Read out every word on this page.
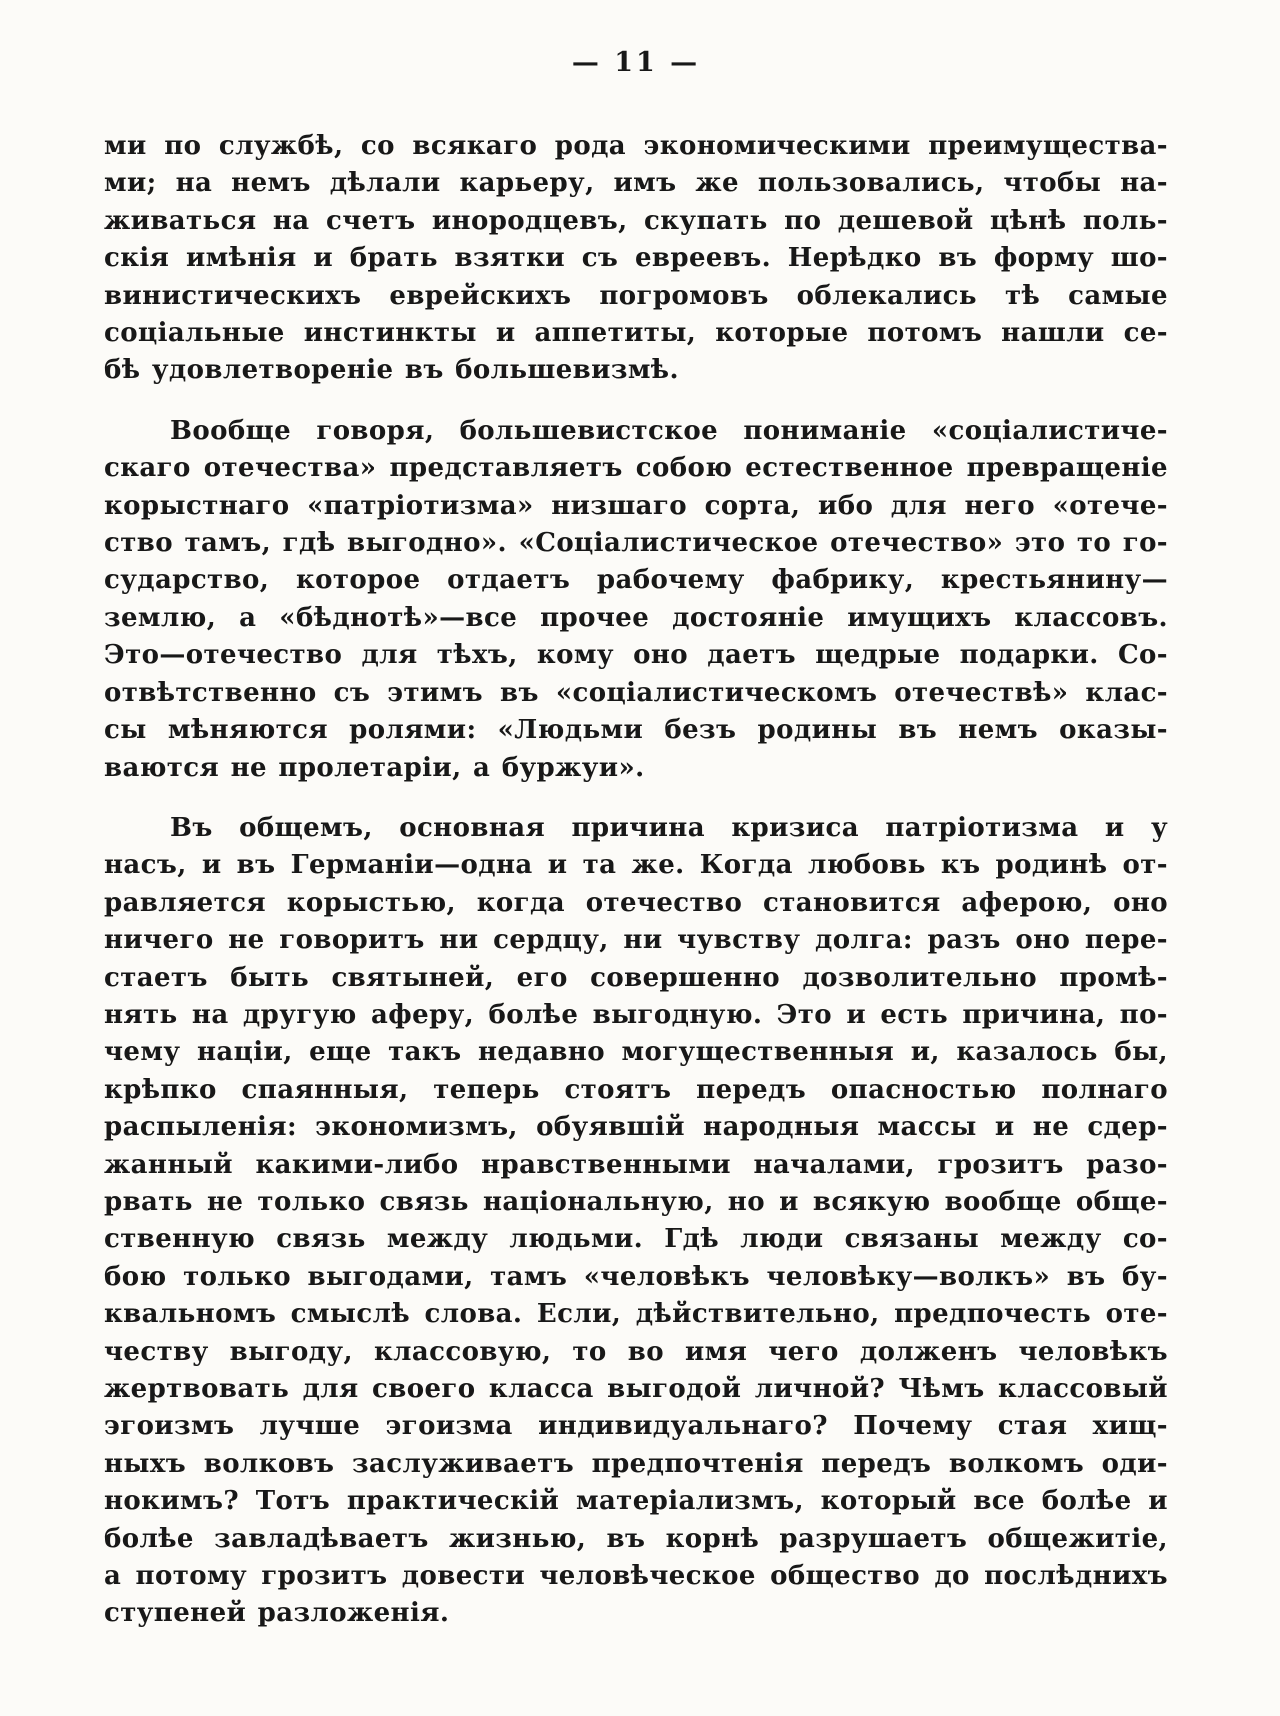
— 11 —

ми по службѣ, со всякаго рода экономическими преимущества-
ми; на немъ дѣлали карьеру, имъ же пользовались, чтобы на-
живаться на счетъ инородцевъ, скупать по дешевой цѣнѣ поль-
скія имѣнія и брать взятки съ евреевъ. Нерѣдко въ форму шо-
винистическихъ еврейскихъ погромовъ облекались тѣ самые
соціальные инстинкты и аппетиты, которые потомъ нашли се-
бѣ удовлетвореніе въ большевизмѣ.

Вообще говоря, большевистское пониманіе «соціалистиче-
скаго отечества» представляетъ собою естественное превращеніе
корыстнаго «патріотизма» низшаго сорта, ибо для него «отече-
ство тамъ, гдѣ выгодно». «Соціалистическое отечество» это то го-
сударство, которое отдаетъ рабочему фабрику, крестьянину—
землю, а «бѣднотѣ»—все прочее достояніе имущихъ классовъ.
Это—отечество для тѣхъ, кому оно даетъ щедрые подарки. Со-
отвѣтственно съ этимъ въ «соціалистическомъ отечествѣ» клас-
сы мѣняются ролями: «Людьми безъ родины въ немъ оказы-
ваются не пролетаріи, а буржуи».

Въ общемъ, основная причина кризиса патріотизма и у
насъ, и въ Германіи—одна и та же. Когда любовь къ родинѣ от-
равляется корыстью, когда отечество становится аферою, оно
ничего не говоритъ ни сердцу, ни чувству долга: разъ оно пере-
стаетъ быть святыней, его совершенно дозволительно промѣ-
нять на другую аферу, болѣе выгодную. Это и есть причина, по-
чему націи, еще такъ недавно могущественныя и, казалось бы,
крѣпко спаянныя, теперь стоятъ передъ опасностью полнаго
распыленія: экономизмъ, обуявшій народныя массы и не сдер-
жанный какими-либо нравственными началами, грозитъ разо-
рвать не только связь національную, но и всякую вообще обще-
ственную связь между людьми. Гдѣ люди связаны между со-
бою только выгодами, тамъ «человѣкъ человѣку—волкъ» въ бу-
квальномъ смыслѣ слова. Если, дѣйствительно, предпочесть оте-
честву выгоду, классовую, то во имя чего долженъ человѣкъ
жертвовать для своего класса выгодой личной? Чѣмъ классовый
эгоизмъ лучше эгоизма индивидуальнаго? Почему стая хищ-
ныхъ волковъ заслуживаетъ предпочтенія передъ волкомъ оди-
нокимъ? Тотъ практическій матеріализмъ, который все болѣе и
болѣе завладѣваетъ жизнью, въ корнѣ разрушаетъ общежитіе,
а потому грозитъ довести человѣческое общество до послѣднихъ
ступеней разложенія.
